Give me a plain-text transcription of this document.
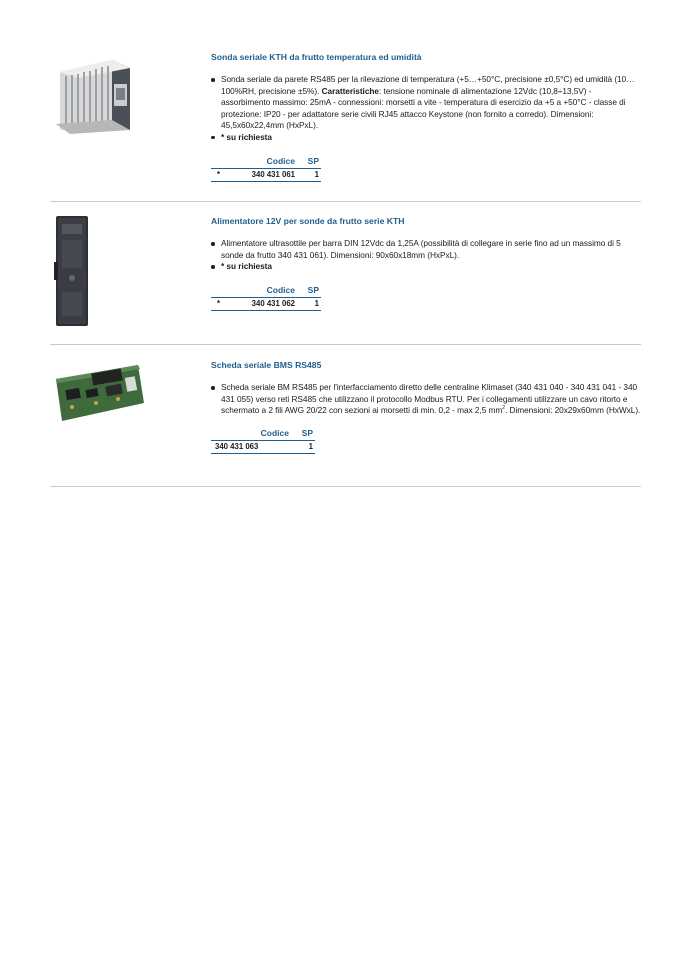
Sonda seriale KTH da frutto temperatura ed umidità
Sonda seriale da parete RS485 per la rilevazione di temperatura (+5…+50°C, precisione ±0,5°C) ed umidità (10… 100%RH, precisione ±5%). Caratteristiche: tensione nominale di alimentazione 12Vdc (10,8÷13,5V) - assorbimento massimo: 25mA - connessioni: morsetti a vite - temperatura di esercizio da +5 a +50°C - classe di protezione: IP20 - per adattatore serie civili RJ45 attacco Keystone (non fornito a corredo). Dimensioni: 45,5x60x22,4mm (HxPxL).
* su richiesta
	Codice	SP
*	340 431 061	1
Alimentatore 12V per sonde da frutto serie KTH
Alimentatore ultrasottile per barra DIN 12Vdc da 1,25A (possibilità di collegare in serie fino ad un massimo di 5 sonde da frutto 340 431 061). Dimensioni: 90x60x18mm (HxPxL).
* su richiesta
	Codice	SP
*	340 431 062	1
Scheda seriale BMS RS485
Scheda seriale BM RS485 per l'interfacciamento diretto delle centraline Klimaset (340 431 040 - 340 431 041 - 340 431 055) verso reti RS485 che utilizzano il protocollo Modbus RTU. Per i collegamenti utilizzare un cavo ritorto e schermato a 2 fili AWG 20/22 con sezioni ai morsetti di min. 0,2 - max 2,5 $mm^2$. Dimensioni: 20x29x60mm (HxWxL).
Codice	SP
340 431 063	1
